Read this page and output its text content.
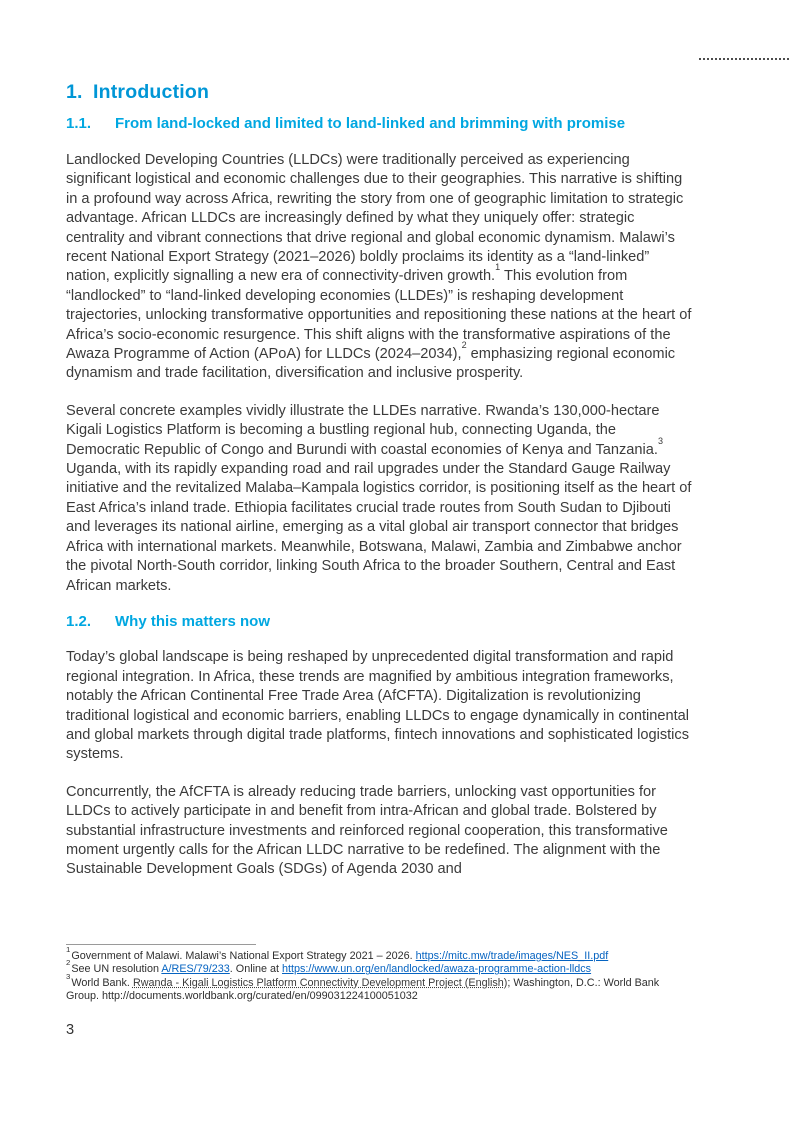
1. Introduction
1.1.	From land-locked and limited to land-linked and brimming with promise

Landlocked Developing Countries (LLDCs) were traditionally perceived as experiencing significant logistical and economic challenges due to their geographies. This narrative is shifting in a profound way across Africa, rewriting the story from one of geographic limitation to strategic advantage. African LLDCs are increasingly defined by what they uniquely offer: strategic centrality and vibrant connections that drive regional and global economic dynamism. Malawi’s recent National Export Strategy (2021–2026) boldly proclaims its identity as a “land-linked” nation, explicitly signalling a new era of connectivity-driven growth.$^1$ This evolution from “landlocked” to “land-linked developing economies (LLDEs)” is reshaping development trajectories, unlocking transformative opportunities and repositioning these nations at the heart of Africa’s socio-economic resurgence. This shift aligns with the transformative aspirations of the Awaza Programme of Action (APoA) for LLDCs (2024–2034),$^2$ emphasizing regional economic dynamism and trade facilitation, diversification and inclusive prosperity.

Several concrete examples vividly illustrate the LLDEs narrative. Rwanda’s 130,000-hectare Kigali Logistics Platform is becoming a bustling regional hub, connecting Uganda, the Democratic Republic of Congo and Burundi with coastal economies of Kenya and Tanzania.$^3$ Uganda, with its rapidly expanding road and rail upgrades under the Standard Gauge Railway initiative and the revitalized Malaba–Kampala logistics corridor, is positioning itself as the heart of East Africa’s inland trade. Ethiopia facilitates crucial trade routes from South Sudan to Djibouti and leverages its national airline, emerging as a vital global air transport connector that bridges Africa with international markets. Meanwhile, Botswana, Malawi, Zambia and Zimbabwe anchor the pivotal North-South corridor, linking South Africa to the broader Southern, Central and East African markets.

1.2.	Why this matters now

Today’s global landscape is being reshaped by unprecedented digital transformation and rapid regional integration. In Africa, these trends are magnified by ambitious integration frameworks, notably the African Continental Free Trade Area (AfCFTA). Digitalization is revolutionizing traditional logistical and economic barriers, enabling LLDCs to engage dynamically in continental and global markets through digital trade platforms, fintech innovations and sophisticated logistics systems.

Concurrently, the AfCFTA is already reducing trade barriers, unlocking vast opportunities for LLDCs to actively participate in and benefit from intra-African and global trade. Bolstered by substantial infrastructure investments and reinforced regional cooperation, this transformative moment urgently calls for the African LLDC narrative to be redefined. The alignment with the Sustainable Development Goals (SDGs) of Agenda 2030 and

$^1$Government of Malawi. Malawi’s National Export Strategy 2021 – 2026. https://mitc.mw/trade/images/NES_II.pdf
$^2$See UN resolution A/RES/79/233. Online at https://www.un.org/en/landlocked/awaza-programme-action-lldcs
$^3$World Bank. Rwanda - Kigali Logistics Platform Connectivity Development Project (English); Washington, D.C.: World Bank Group. http://documents.worldbank.org/curated/en/099031224100051032
3
